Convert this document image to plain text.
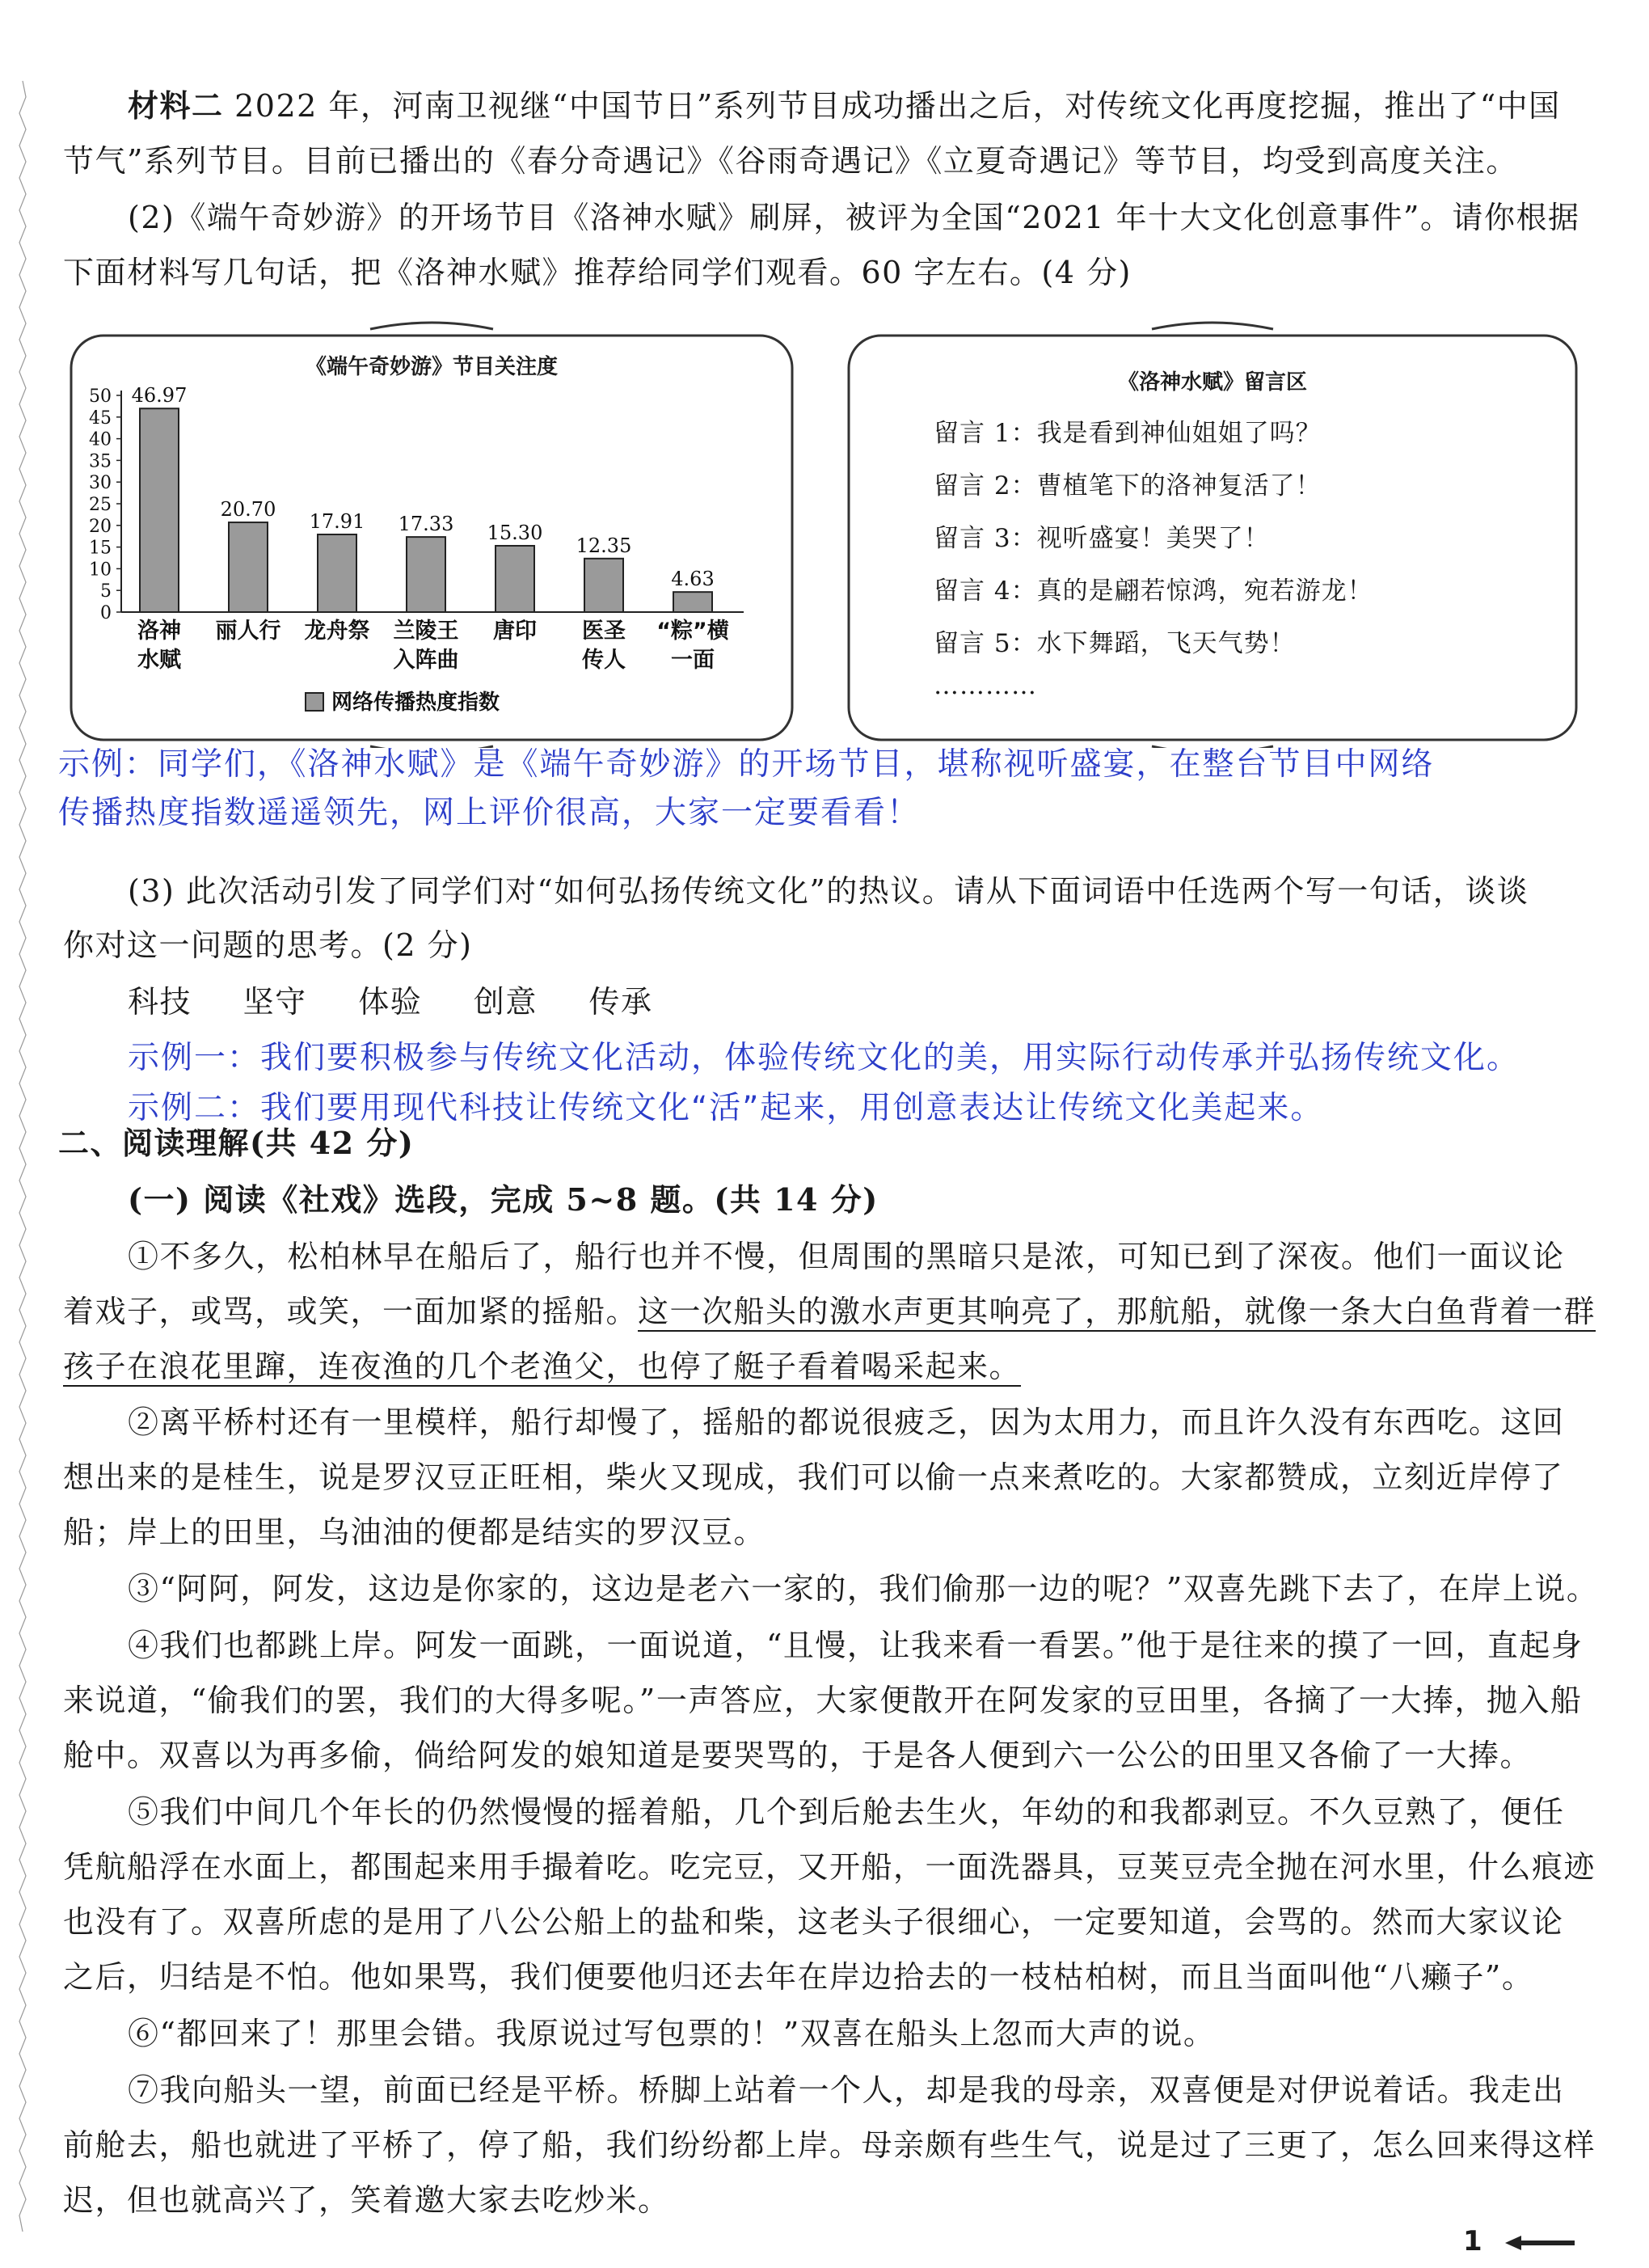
材料二 2022 年，河南卫视继“中国节日”系列节目成功播出之后，对传统文化再度挖掘，推出了“中国
节气”系列节目。目前已播出的《春分奇遇记》《谷雨奇遇记》《立夏奇遇记》等节目，均受到高度关注。
(2)《端午奇妙游》的开场节目《洛神水赋》刷屏，被评为全国“2021 年十大文化创意事件”。请你根据
下面材料写几句话，把《洛神水赋》推荐给同学们观看。60 字左右。(4 分)
《端午奇妙游》节目关注度
0
5
10
15
20
25
30
35
40
45
50 46.97
洛神
水赋
20.70
丽人行
17.91
龙舟祭
17.33
兰陵王
入阵曲
15.30
唐印
12.35
医圣
传人
4.63
“粽”横
一面
网络传播热度指数
《洛神水赋》留言区
留言 1：我是看到神仙姐姐了吗？
留言 2：曹植笔下的洛神复活了！
留言 3：视听盛宴！美哭了！
留言 4：真的是翩若惊鸿，宛若游龙！
留言 5：水下舞蹈，飞天气势！
…………
示例：同学们，《洛神水赋》是《端午奇妙游》的开场节目，堪称视听盛宴，在整台节目中网络
传播热度指数遥遥领先，网上评价很高，大家一定要看看！
(3) 此次活动引发了同学们对“如何弘扬传统文化”的热议。请从下面词语中任选两个写一句话，谈谈
你对这一问题的思考。(2 分)
科技 坚守 体验 创意 传承
示例一：我们要积极参与传统文化活动，体验传统文化的美，用实际行动传承并弘扬传统文化。
示例二：我们要用现代科技让传统文化“活”起来，用创意表达让传统文化美起来。
二、阅读理解(共 42 分)
(一) 阅读《社戏》选段，完成 5~8 题。(共 14 分)
①不多久，松柏林早在船后了，船行也并不慢，但周围的黑暗只是浓，可知已到了深夜。他们一面议论
着戏子，或骂，或笑，一面加紧的摇船。这一次船头的激水声更其响亮了，那航船，就像一条大白鱼背着一群
孩子在浪花里蹿，连夜渔的几个老渔父，也停了艇子看着喝采起来。
②离平桥村还有一里模样，船行却慢了，摇船的都说很疲乏，因为太用力，而且许久没有东西吃。这回
想出来的是桂生，说是罗汉豆正旺相，柴火又现成，我们可以偷一点来煮吃的。大家都赞成，立刻近岸停了
船；岸上的田里，乌油油的便都是结实的罗汉豆。
③“阿阿，阿发，这边是你家的，这边是老六一家的，我们偷那一边的呢？”双喜先跳下去了，在岸上说。
④我们也都跳上岸。阿发一面跳，一面说道，“且慢，让我来看一看罢。”他于是往来的摸了一回，直起身
来说道，“偷我们的罢，我们的大得多呢。”一声答应，大家便散开在阿发家的豆田里，各摘了一大捧，抛入船
舱中。双喜以为再多偷，倘给阿发的娘知道是要哭骂的，于是各人便到六一公公的田里又各偷了一大捧。
⑤我们中间几个年长的仍然慢慢的摇着船，几个到后舱去生火，年幼的和我都剥豆。不久豆熟了，便任
凭航船浮在水面上，都围起来用手撮着吃。吃完豆，又开船，一面洗器具，豆荚豆壳全抛在河水里，什么痕迹
也没有了。双喜所虑的是用了八公公船上的盐和柴，这老头子很细心，一定要知道，会骂的。然而大家议论
之后，归结是不怕。他如果骂，我们便要他归还去年在岸边拾去的一枝枯柏树，而且当面叫他“八癞子”。
⑥“都回来了！那里会错。我原说过写包票的！”双喜在船头上忽而大声的说。
⑦我向船头一望，前面已经是平桥。桥脚上站着一个人，却是我的母亲，双喜便是对伊说着话。我走出
前舱去，船也就进了平桥了，停了船，我们纷纷都上岸。母亲颇有些生气，说是过了三更了，怎么回来得这样
迟，但也就高兴了，笑着邀大家去吃炒米。
1
